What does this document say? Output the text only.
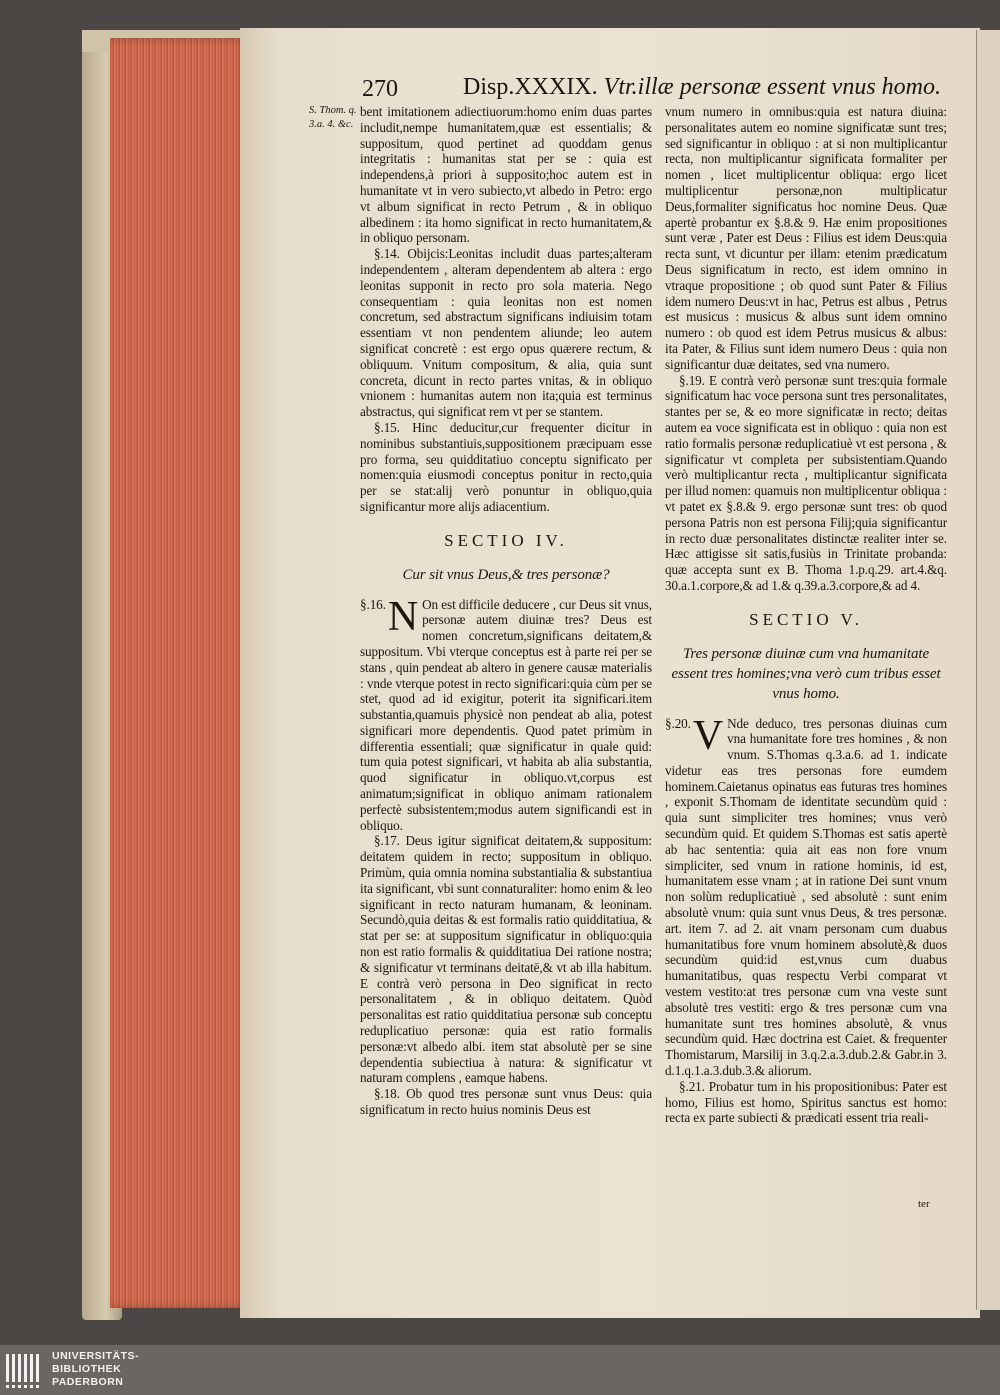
270	Disp.XXXIX. Vtr.illæ personæ essent vnus homo.
S. Thom. q. 3.a. 4. &c.

bent imitationem adiectiuorum:homo enim duas partes includit,nempe humanitatem,quæ est essentialis; & suppositum, quod pertinet ad quoddam genus integritatis : humanitas stat per se : quia est independens,à priori à supposito;hoc autem est in humanitate vt in vero subiecto,vt albedo in Petro: ergo vt album significat in recto Petrum , & in obliquo albedinem : ita homo significat in recto humanitatem,& in obliquo personam.

§.14. Obijcis:Leonitas includit duas partes;alteram independentem , alteram dependentem ab altera : ergo leonitas supponit in recto pro sola materia. Nego consequentiam : quia leonitas non est nomen concretum, sed abstractum significans indiuisim totam essentiam vt non pendentem aliunde; leo autem significat concretè : est ergo opus quærere rectum, & obliquum. Vnitum compositum, & alia, quia sunt concreta, dicunt in recto partes vnitas, & in obliquo vnionem : humanitas autem non ita;quia est terminus abstractus, qui significat rem vt per se stantem.

§.15. Hinc deducitur,cur frequenter dicitur in nominibus substantiuis,suppositionem præcipuam esse pro forma, seu quidditatiuo conceptu significato per nomen:quia eiusmodi conceptus ponitur in recto,quia per se stat:alij verò ponuntur in obliquo,quia significantur more alijs adiacentium.

SECTIO IV.
Cur sit vnus Deus,& tres personæ?

§.16. N On est difficile deducere , cur Deus sit vnus, personæ autem diuinæ tres? Deus est nomen concretum,significans deitatem,& suppositum. Vbi vterque conceptus est à parte rei per se stans , quin pendeat ab altero in genere causæ materialis : vnde vterque potest in recto significari:quia cùm per se stet, quod ad id exigitur, poterit ita significari.item substantia,quamuis physicè non pendeat ab alia, potest significari more dependentis. Quod patet primùm in differentia essentiali; quæ significatur in quale quid: tum quia potest significari, vt habita ab alia substantia, quod significatur in obliquo.vt,corpus est animatum;significat in obliquo animam rationalem perfectè subsistentem;modus autem significandi est in obliquo.

§.17. Deus igitur significat deitatem,& suppositum: deitatem quidem in recto; suppositum in obliquo. Primùm, quia omnia nomina substantialia & substantiua ita significant, vbi sunt connaturaliter: homo enim & leo significant in recto naturam humanam, & leoninam. Secundò,quia deitas & est formalis ratio quidditatiua, & stat per se: at suppositum significatur in obliquo:quia non est ratio formalis & quidditatiua Dei ratione nostra; & significatur vt terminans deitatē,& vt ab illa habitum. E contrà verò persona in Deo significat in recto personalitatem , & in obliquo deitatem. Quòd personalitas est ratio quidditatiua personæ sub conceptu reduplicatiuo personæ: quia est ratio formalis personæ:vt albedo albi. item stat absolutè per se sine dependentia subiectiua à natura: & significatur vt naturam complens , eamque habens.

§.18. Ob quod tres personæ sunt vnus Deus: quia significatum in recto huius nominis Deus est

vnum numero in omnibus:quia est natura diuina: personalitates autem eo nomine significatæ sunt tres; sed significantur in obliquo : at si non multiplicantur recta, non multiplicantur significata formaliter per nomen , licet multiplicentur obliqua: ergo licet multiplicentur personæ,non multiplicatur Deus,formaliter significatus hoc nomine Deus. Quæ apertè probantur ex §.8.& 9. Hæ enim propositiones sunt veræ , Pater est Deus : Filius est idem Deus:quia recta sunt, vt dicuntur per illam: etenim prædicatum Deus significatum in recto, est idem omnino in vtraque propositione ; ob quod sunt Pater & Filius idem numero Deus:vt in hac, Petrus est albus , Petrus est musicus : musicus & albus sunt idem omnino numero : ob quod est idem Petrus musicus & albus: ita Pater, & Filius sunt idem numero Deus : quia non significantur duæ deitates, sed vna numero.

§.19. E contrà verò personæ sunt tres:quia formale significatum hac voce persona sunt tres personalitates, stantes per se, & eo more significatæ in recto; deitas autem ea voce significata est in obliquo : quia non est ratio formalis personæ reduplicatiuè vt est persona , & significatur vt completa per subsistentiam.Quando verò multiplicantur recta , multiplicantur significata per illud nomen: quamuis non multiplicentur obliqua : vt patet ex §.8.& 9. ergo personæ sunt tres: ob quod persona Patris non est persona Filij;quia significantur in recto duæ personalitates distinctæ realiter inter se. Hæc attigisse sit satis,fusiùs in Trinitate probanda: quæ accepta sunt ex B. Thoma 1.p.q.29. art.4.&q. 30.a.1.corpore,& ad 1.& q.39.a.3.corpore,& ad 4.

SECTIO V.
Tres personæ diuinæ cum vna humanitate essent tres homines;vna verò cum tribus esset vnus homo.

§.20. V Nde deduco, tres personas diuinas cum vna humanitate fore tres homines , & non vnum. S.Thomas q.3.a.6. ad 1. indicate videtur eas tres personas fore eumdem hominem.Caietanus opinatus eas futuras tres homines , exponit S.Thomam de identitate secundùm quid : quia sunt simpliciter tres homines; vnus verò secundùm quid. Et quidem S.Thomas est satis apertè ab hac sententia: quia ait eas non fore vnum simpliciter, sed vnum in ratione hominis, id est, humanitatem esse vnam ; at in ratione Dei sunt vnum non solùm reduplicatiuè , sed absolutè : sunt enim absolutè vnum: quia sunt vnus Deus, & tres personæ. art. item 7. ad 2. ait vnam personam cum duabus humanitatibus fore vnum hominem absolutè,& duos secundùm quid:id est,vnus cum duabus humanitatibus, quas respectu Verbi comparat vt vestem vestito:at tres personæ cum vna veste sunt absolutè tres vestiti: ergo & tres personæ cum vna humanitate sunt tres homines absolutè, & vnus secundùm quid. Hæc doctrina est Caiet. & frequenter Thomistarum, Marsilij in 3.q.2.a.3.dub.2.& Gabr.in 3. d.1.q.1.a.3.dub.3.& aliorum.

§.21. Probatur tum in his propositionibus: Pater est homo, Filius est homo, Spiritus sanctus est homo: recta ex parte subiecti & prædicati essent tria reali-

ter
UNIVERSITÄTS-
BIBLIOTHEK
PADERBORN
